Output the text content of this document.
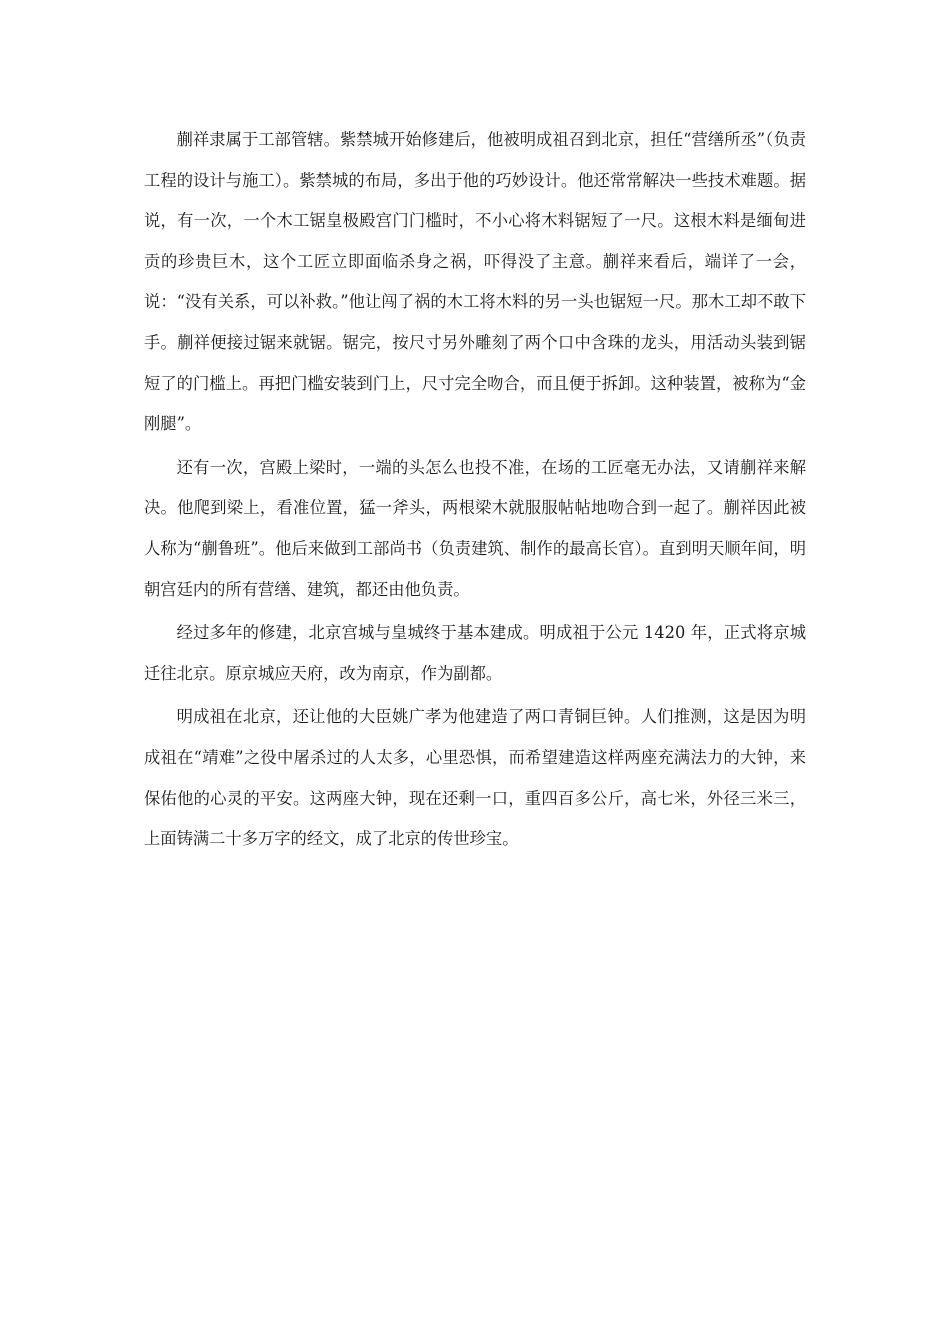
蒯祥隶属于工部管辖。紫禁城开始修建后，他被明成祖召到北京，担任“营缮所丞”（负责工程的设计与施工）。紫禁城的布局，多出于他的巧妙设计。他还常常解决一些技术难题。据说，有一次，一个木工锯皇极殿宫门门槛时，不小心将木料锯短了一尺。这根木料是缅甸进贡的珍贵巨木，这个工匠立即面临杀身之祸，吓得没了主意。蒯祥来看后，端详了一会，说：“没有关系，可以补救。”他让闯了祸的木工将木料的另一头也锯短一尺。那木工却不敢下手。蒯祥便接过锯来就锯。锯完，按尺寸另外雕刻了两个口中含珠的龙头，用活动头装到锯短了的门槛上。再把门槛安装到门上，尺寸完全吻合，而且便于拆卸。这种装置，被称为“金刚腿”。

还有一次，宫殿上梁时，一端的头怎么也投不准，在场的工匠毫无办法，又请蒯祥来解决。他爬到梁上，看准位置，猛一斧头，两根梁木就服服帖帖地吻合到一起了。蒯祥因此被人称为“蒯鲁班”。他后来做到工部尚书（负责建筑、制作的最高长官）。直到明天顺年间，明朝宫廷内的所有营缮、建筑，都还由他负责。

经过多年的修建，北京宫城与皇城终于基本建成。明成祖于公元 1420 年，正式将京城迁往北京。原京城应天府，改为南京，作为副都。

明成祖在北京，还让他的大臣姚广孝为他建造了两口青铜巨钟。人们推测，这是因为明成祖在“靖难”之役中屠杀过的人太多，心里恐惧，而希望建造这样两座充满法力的大钟，来保佑他的心灵的平安。这两座大钟，现在还剩一口，重四百多公斤，高七米，外径三米三，上面铸满二十多万字的经文，成了北京的传世珍宝。
